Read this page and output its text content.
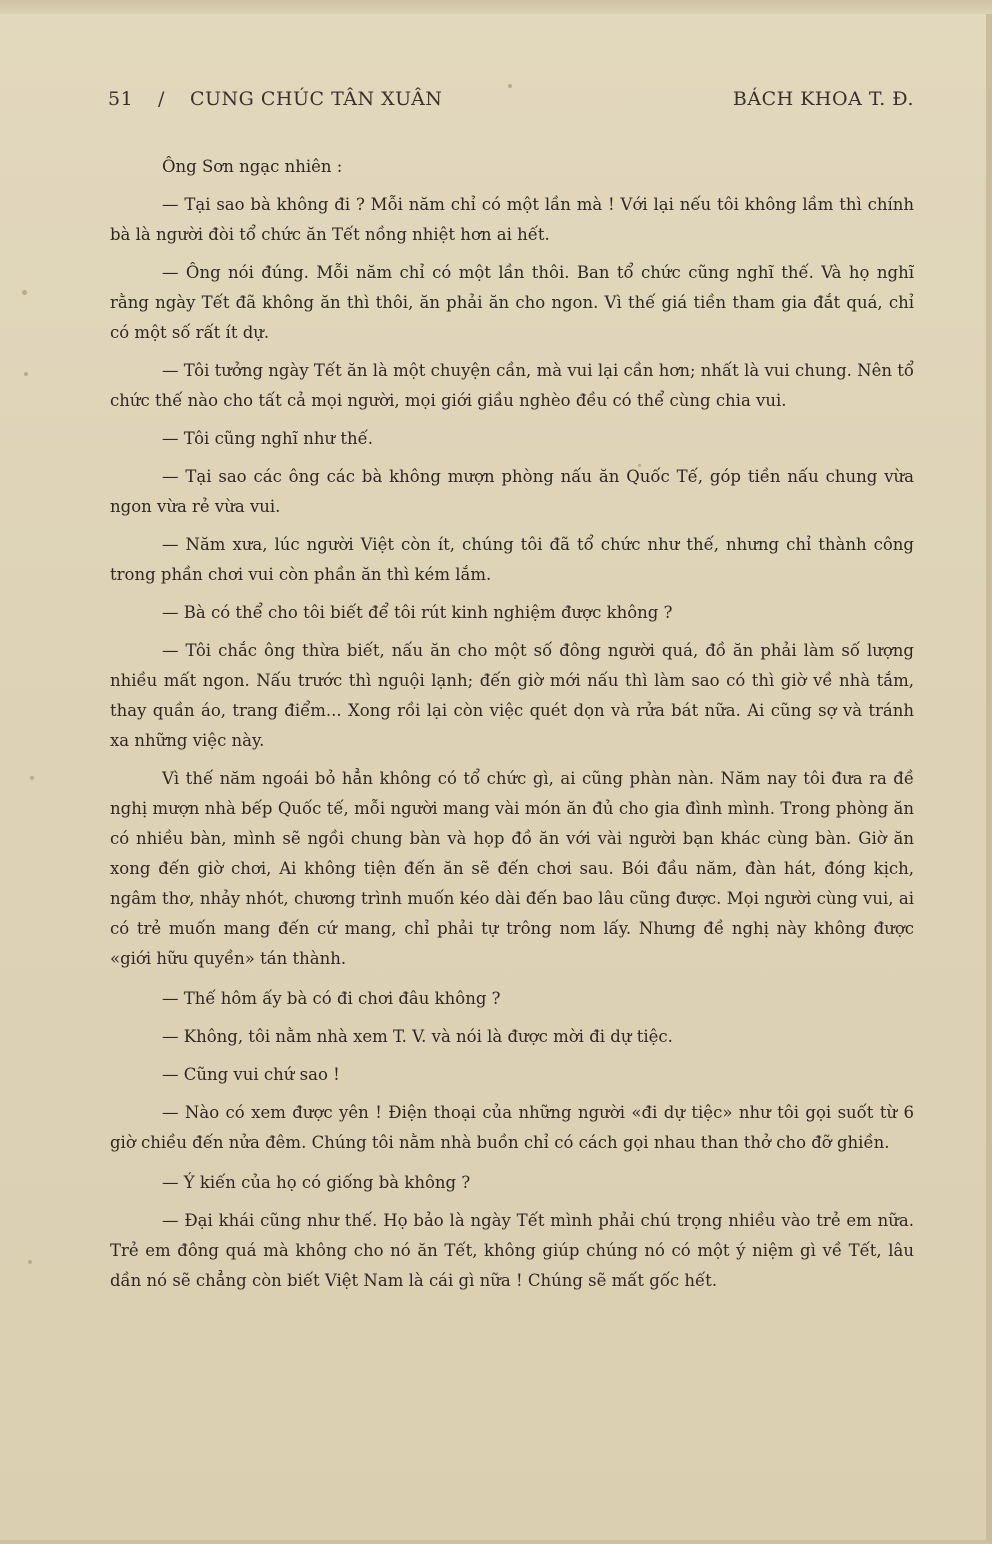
51 / CUNG CHÚC TÂN XUÂN	BÁCH KHOA T. Đ.

Ông Sơn ngạc nhiên :

— Tại sao bà không đi ? Mỗi năm chỉ có một lần mà ! Với lại nếu tôi không lầm thì chính bà là người đòi tổ chức ăn Tết nồng nhiệt hơn ai hết.

— Ông nói đúng. Mỗi năm chỉ có một lần thôi. Ban tổ chức cũng nghĩ thế. Và họ nghĩ rằng ngày Tết đã không ăn thì thôi, ăn phải ăn cho ngon. Vì thế giá tiền tham gia đắt quá, chỉ có một số rất ít dự.

— Tôi tưởng ngày Tết ăn là một chuyện cần, mà vui lại cần hơn; nhất là vui chung. Nên tổ chức thế nào cho tất cả mọi người, mọi giới giầu nghèo đều có thể cùng chia vui.

— Tôi cũng nghĩ như thế.

— Tại sao các ông các bà không mượn phòng nấu ăn Quốc Tế, góp tiền nấu chung vừa ngon vừa rẻ vừa vui.

— Năm xưa, lúc người Việt còn ít, chúng tôi đã tổ chức như thế, nhưng chỉ thành công trong phần chơi vui còn phần ăn thì kém lắm.

— Bà có thể cho tôi biết để tôi rút kinh nghiệm được không ?

— Tôi chắc ông thừa biết, nấu ăn cho một số đông người quá, đồ ăn phải làm số lượng nhiều mất ngon. Nấu trước thì nguội lạnh; đến giờ mới nấu thì làm sao có thì giờ về nhà tắm, thay quần áo, trang điểm... Xong rồi lại còn việc quét dọn và rửa bát nữa. Ai cũng sợ và tránh xa những việc này.

Vì thế năm ngoái bỏ hẳn không có tổ chức gì, ai cũng phàn nàn. Năm nay tôi đưa ra đề nghị mượn nhà bếp Quốc tế, mỗi người mang vài món ăn đủ cho gia đình mình. Trong phòng ăn có nhiều bàn, mình sẽ ngồi chung bàn và họp đồ ăn với vài người bạn khác cùng bàn. Giờ ăn xong đến giờ chơi, Ai không tiện đến ăn sẽ đến chơi sau. Bói đầu năm, đàn hát, đóng kịch, ngâm thơ, nhảy nhót, chương trình muốn kéo dài đến bao lâu cũng được. Mọi người cùng vui, ai có trẻ muốn mang đến cứ mang, chỉ phải tự trông nom lấy. Nhưng đề nghị này không được «giới hữu quyền» tán thành.

— Thế hôm ấy bà có đi chơi đâu không ?

— Không, tôi nằm nhà xem T. V. và nói là được mời đi dự tiệc.

— Cũng vui chứ sao !

— Nào có xem được yên ! Điện thoại của những người «đi dự tiệc» như tôi gọi suốt từ 6 giờ chiều đến nửa đêm. Chúng tôi nằm nhà buồn chỉ có cách gọi nhau than thở cho đỡ ghiền.

— Ý kiến của họ có giống bà không ?

— Đại khái cũng như thế. Họ bảo là ngày Tết mình phải chú trọng nhiều vào trẻ em nữa. Trẻ em đông quá mà không cho nó ăn Tết, không giúp chúng nó có một ý niệm gì về Tết, lâu dần nó sẽ chẳng còn biết Việt Nam là cái gì nữa ! Chúng sẽ mất gốc hết.
